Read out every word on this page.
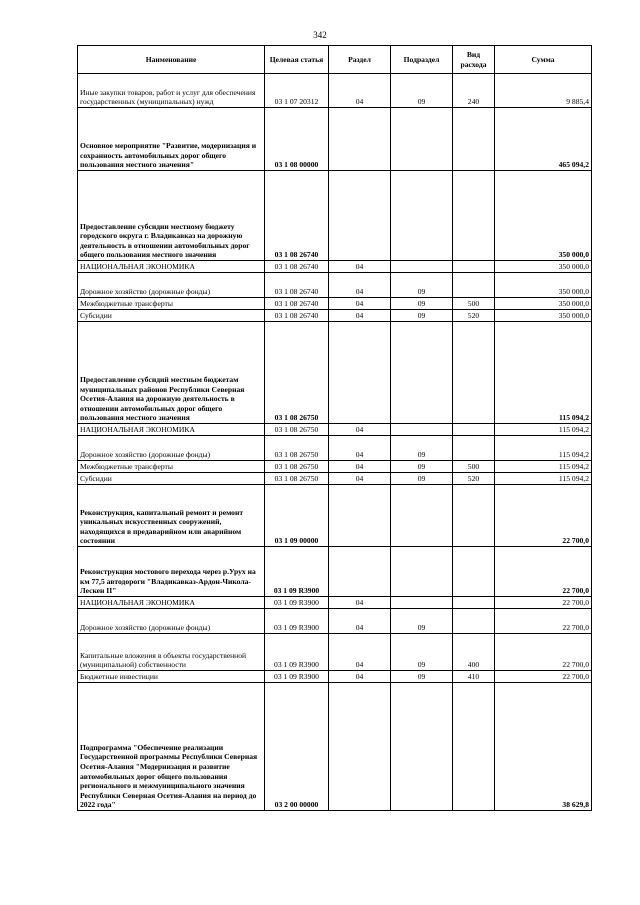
342
Наименование	Целевая статья	Раздел	Подраздел	Вид расхода	Сумма
Иные закупки товаров, работ и услуг для обеспечения государственных (муниципальных) нужд	03 1 07 20312	04	09	240	9 885,4
Основное мероприятие "Развитие, модернизация и сохранность автомобильных дорог общего пользования местного значения"	03 1 08 00000				465 094,2
Предоставление субсидии местному бюджету городского округа г. Владикавказ на дорожную деятельность в отношении автомобильных дорог общего пользования местного значения	03 1 08 26740				350 000,0
НАЦИОНАЛЬНАЯ ЭКОНОМИКА	03 1 08 26740	04			350 000,0
Дорожное хозяйство (дорожные фонды)	03 1 08 26740	04	09		350 000,0
Межбюджетные трансферты	03 1 08 26740	04	09	500	350 000,0
Субсидии	03 1 08 26740	04	09	520	350 000,0
Предоставление субсидий местным бюджетам муниципальных районов Республики Северная Осетия-Алания на дорожную деятельность в отношении автомобильных дорог общего пользования местного значения	03 1 08 26750				115 094,2
НАЦИОНАЛЬНАЯ ЭКОНОМИКА	03 1 08 26750	04			115 094,2
Дорожное хозяйство (дорожные фонды)	03 1 08 26750	04	09		115 094,2
Межбюджетные трансферты	03 1 08 26750	04	09	500	115 094,2
Субсидии	03 1 08 26750	04	09	520	115 094,2
Реконструкция, капитальный ремонт и ремонт уникальных искусственных сооружений, находящихся в предаварийном или аварийном состоянии	03 1 09 00000				22 700,0
Реконструкция мостового перехода через р.Урух на км 77,5 автодороги "Владикавказ-Ардон-Чикола-Лескен II"	03 1 09 R3900				22 700,0
НАЦИОНАЛЬНАЯ ЭКОНОМИКА	03 1 09 R3900	04			22 700,0
Дорожное хозяйство (дорожные фонды)	03 1 09 R3900	04	09		22 700,0
Капитальные вложения в объекты государственной (муниципальной) собственности	03 1 09 R3900	04	09	400	22 700,0
Бюджетные инвестиции	03 1 09 R3900	04	09	410	22 700,0
Подпрограмма "Обеспечение реализации Государственной программы Республики Северная Осетия-Алания "Модернизация и развитие автомобильных дорог общего пользования регионального и межмуниципального значения Республики Северная Осетия-Алания на период до 2022 года"	03 2 00 00000				38 629,8
